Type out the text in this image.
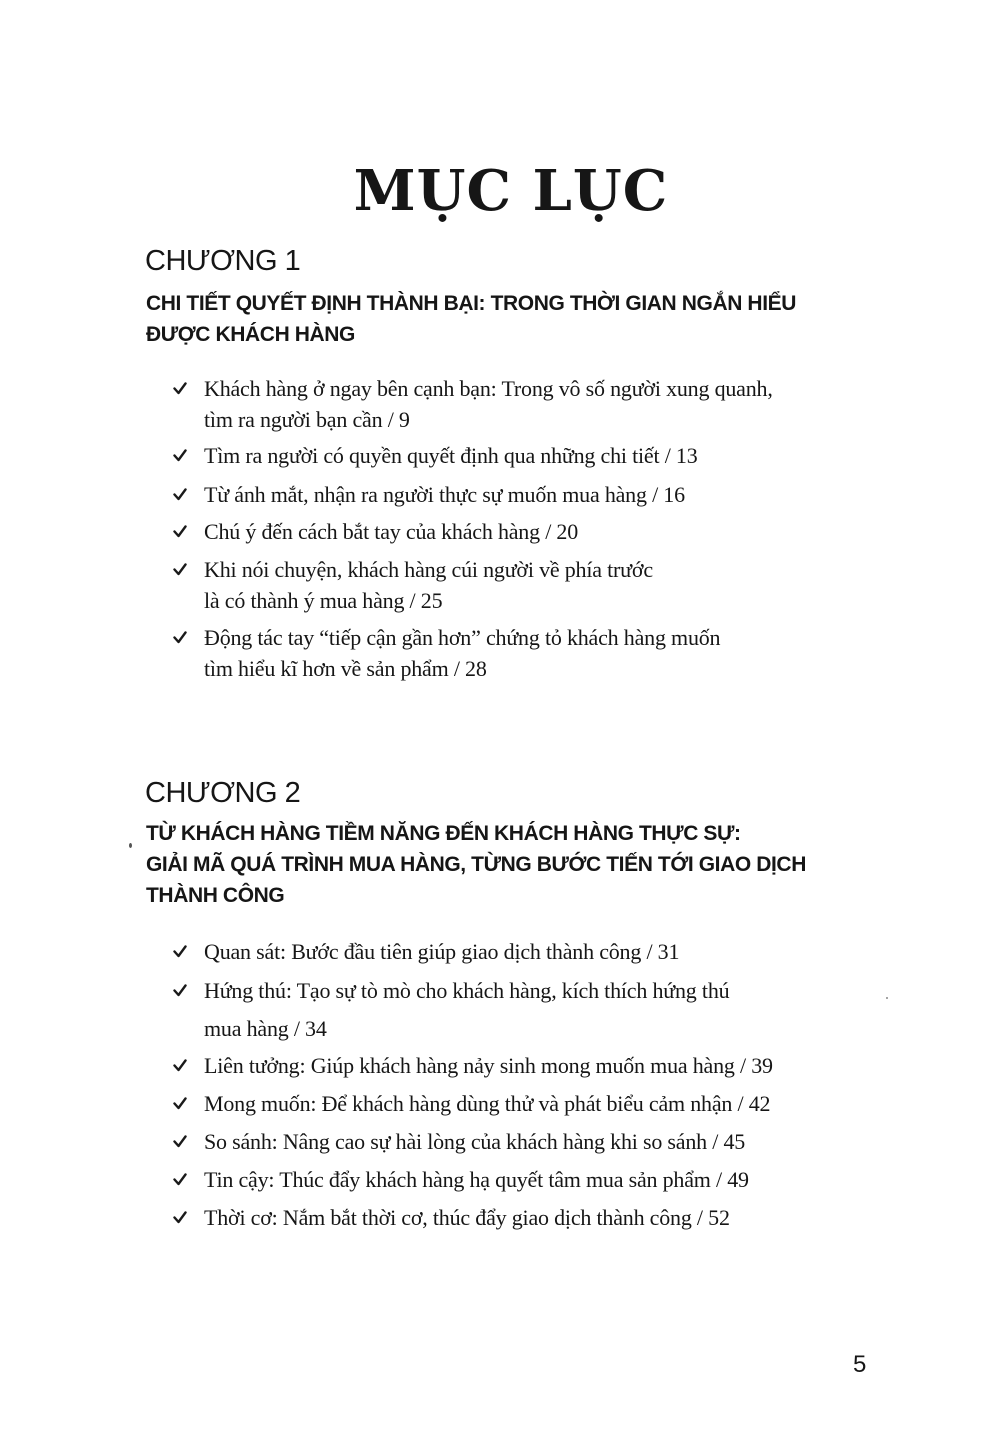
MỤC LỤC
CHƯƠNG 1
CHI TIẾT QUYẾT ĐỊNH THÀNH BẠI: TRONG THỜI GIAN NGẮN HIỂU
ĐƯỢC KHÁCH HÀNG
Khách hàng ở ngay bên cạnh bạn: Trong vô số người xung quanh,
tìm ra người bạn cần / 9
Tìm ra người có quyền quyết định qua những chi tiết / 13
Từ ánh mắt, nhận ra người thực sự muốn mua hàng / 16
Chú ý đến cách bắt tay của khách hàng / 20
Khi nói chuyện, khách hàng cúi người về phía trước
là có thành ý mua hàng / 25
Động tác tay “tiếp cận gần hơn” chứng tỏ khách hàng muốn
tìm hiểu kĩ hơn về sản phẩm / 28
CHƯƠNG 2
TỪ KHÁCH HÀNG TIỀM NĂNG ĐẾN KHÁCH HÀNG THỰC SỰ:
GIẢI MÃ QUÁ TRÌNH MUA HÀNG, TỪNG BƯỚC TIẾN TỚI GIAO DỊCH
THÀNH CÔNG
Quan sát: Bước đầu tiên giúp giao dịch thành công / 31
Hứng thú: Tạo sự tò mò cho khách hàng, kích thích hứng thú
mua hàng / 34
Liên tưởng: Giúp khách hàng nảy sinh mong muốn mua hàng / 39
Mong muốn: Để khách hàng dùng thử và phát biểu cảm nhận / 42
So sánh: Nâng cao sự hài lòng của khách hàng khi so sánh / 45
Tin cậy: Thúc đẩy khách hàng hạ quyết tâm mua sản phẩm / 49
Thời cơ: Nắm bắt thời cơ, thúc đẩy giao dịch thành công / 52
5
